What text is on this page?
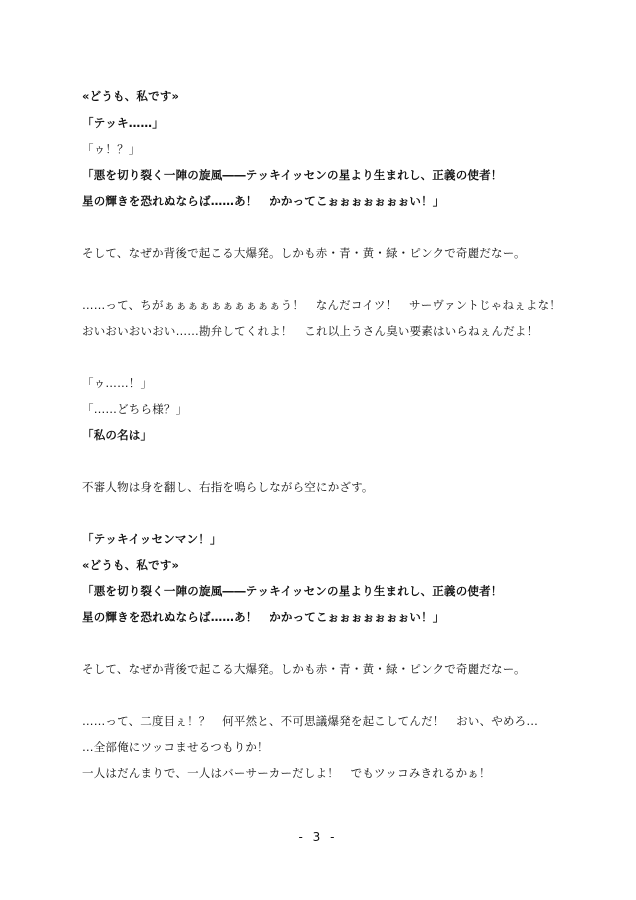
«どうも、私です»
「テッキ……」
「ゥ！？」
「悪を切り裂く一陣の旋風――テッキイッセンの星より生まれし、正義の使者！
星の輝きを恐れぬならば……あ！　かかってこぉぉぉぉぉぉぉい！」
そして、なぜか背後で起こる大爆発。しかも赤・青・黄・緑・ピンクで奇麗だなー。
……って、ちがぁぁぁぁぁぁぁぁぁぁう！　なんだコイツ！　サーヴァントじゃねぇよな！
おいおいおいおい……勘弁してくれよ！　これ以上うさん臭い要素はいらねぇんだよ！
「ゥ……！」
「……どちら様？」
「私の名は」
不審人物は身を翻し、右指を鳴らしながら空にかざす。
「テッキイッセンマン！」
«どうも、私です»
「悪を切り裂く一陣の旋風――テッキイッセンの星より生まれし、正義の使者！
星の輝きを恐れぬならば……あ！　かかってこぉぉぉぉぉぉぉい！」
そして、なぜか背後で起こる大爆発。しかも赤・青・黄・緑・ピンクで奇麗だなー。
……って、二度目ぇ！？　何平然と、不可思議爆発を起こしてんだ！　おい、やめろ…
…全部俺にツッコませるつもりか！
一人はだんまりで、一人はバーサーカーだしよ！　でもツッコみきれるかぁ！
- 3 -
